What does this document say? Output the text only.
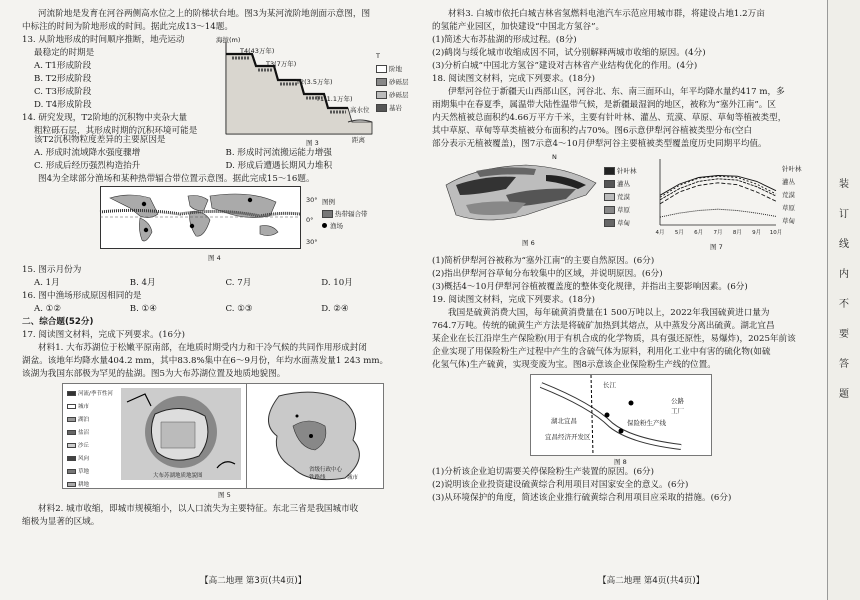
河流阶地是发育在河谷两侧高水位之上的阶梯状台地。图3为某河流阶地剖面示意图，图
中标注的时间为阶地形成的时间。据此完成13～14题。
13. 从阶地形成的时间顺序推断，地壳运动
最稳定的时期是
A. T1形成阶段
B. T2形成阶段
C. T3形成阶段
D. T4形成阶段
14. 研究发现，T2阶地的沉积物中夹杂大量
粗粒砾石层，其形成时期的沉积环境可能是
海拔(m)
T4(43万年)
T3(7万年)
T2(3.5万年)
T1(1.1万年)
高水位
距离
图 3
T
阶地
砂砾层
砂砾层
基岩
该T2沉积物粒度差异的主要原因是
A. 形成时流域降水强度骤增	B. 形成时河流搬运能力增强
C. 形成后经历强烈构造抬升	D. 形成后遭遇长期风力堆积
图4为全球部分渔场和某种热带辐合带位置示意图。据此完成15～16题。
30°
0°
30°
图例
热带辐合带
渔场
图 4
15. 图示月份为
A. 1月	B. 4月	C. 7月	D. 10月
16. 图中渔场形成原因相同的是
A. ①②	B. ①④	C. ①③	D. ②④
二、综合题(52分)
17. 阅读图文材料，完成下列要求。(16分)
材料1. 大布苏湖位于松嫩平原南部，在地质时期受内力和干冷气候的共同作用形成封闭
湖盆。该地年均降水量404.2 mm，其中83.8%集中在6～9月份，年均水面蒸发量1 243 mm。
该湖为我国东部极为罕见的盐湖。图5为大布苏湖位置及地质地貌图。
河流/季节性河
城市
湖泊
盐沼
沙丘
风向
草地
耕地
大布苏湖地质地貌图
省级行政中心
铁路线	城市
图 5
材料2. 城市收缩，即城市规模缩小，以人口流失为主要特征。东北三省是我国城市收
缩极为显著的区域。
【高二地理 第3页(共4页)】
材料3. 白城市依托白城吉林省氢燃料电池汽车示范应用城市群，将建设占地1.2万亩
的氢能产业园区，加快建设“中国北方氢谷”。
(1)简述大布苏盐湖的形成过程。(8分)
(2)鹤岗与绥化城市收缩成因不同，试分别解释两城市收缩的原因。(4分)
(3)分析白城“中国北方氢谷”建设对吉林省产业结构优化的作用。(4分)
18. 阅读图文材料，完成下列要求。(18分)
伊犁河谷位于新疆天山西部山区，河谷北、东、南三面环山，年平均降水量约417 m，多
雨期集中在春夏季，属温带大陆性温带气候，是新疆最湿润的地区，被称为“塞外江南”。区
内天然植被总面积约4.66万平方千米，主要有针叶林、灌丛、荒漠、草原、草甸等植被类型，
其中草原、草甸等草类植被分布面积约占70%。图6示意伊犁河谷植被类型分布(空白
部分表示无植被覆盖)，图7示意4～10月伊犁河谷主要植被类型覆盖度历史同期平均值。
N
针叶林
灌丛
荒漠
草原
草甸
图 6
4月 5月 6月 7月 8月 9月 10月
针叶林
灌丛
荒漠
草原
草甸
图 7
(1)简析伊犁河谷被称为“塞外江南”的主要自然原因。(6分)
(2)指出伊犁河谷草甸分布较集中的区域，并说明原因。(6分)
(3)概括4～10月伊犁河谷植被覆盖度的整体变化规律，并指出主要影响因素。(6分)
19. 阅读图文材料，完成下列要求。(18分)
我国是硫黄消费大国，每年硫黄消费量在1 500万吨以上，2022年我国硫黄进口量为
764.7万吨。传统的硫黄生产方法是将硫矿加热到其熔点，从中蒸发分离出硫黄。湖北宜昌
某企业在长江沿岸生产保险粉(用于有机合成的化学物质，具有强还原性，易爆炸)，2025年前该
企业实现了用保险粉生产过程中产生的含硫气体为原料，利用化工业中有害的硫化物(如硫
化氢气体)生产硫黄，实现变废为宝。图8示意该企业保险粉生产线的位置。
长江
湖北宜昌	保险粉生产线
宜昌经济开发区
公路
工厂
图 8
(1)分析该企业迫切需要关停保险粉生产装置的原因。(6分)
(2)说明该企业投资建设硫黄综合利用项目对国家安全的意义。(6分)
(3)从环境保护的角度，简述该企业推行硫黄综合利用项目应采取的措施。(6分)
【高二地理 第4页(共4页)】
装
订
线
内
不
要
答
题
